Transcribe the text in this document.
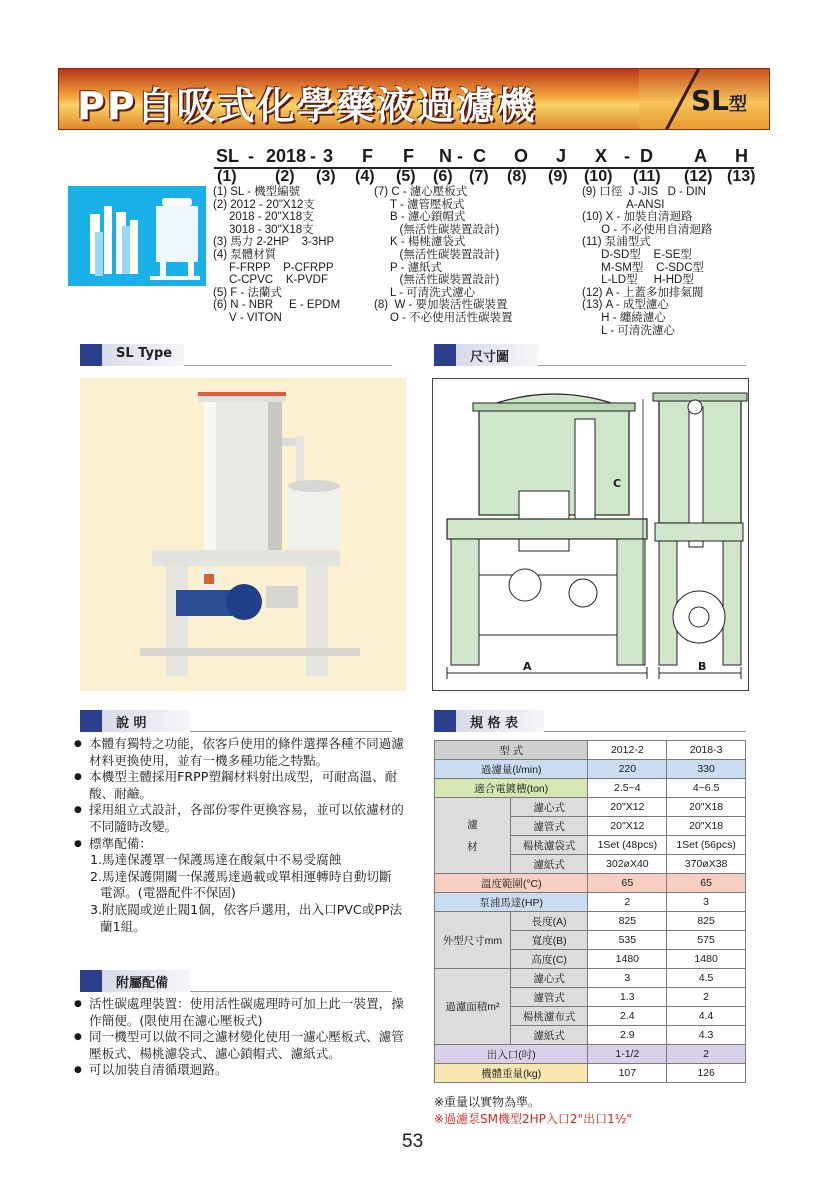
PP自吸式化學藥液過濾機	SL型
SL - 2018 - 3 F F N - C O J X - D A H
(1) (2) (3) (4) (5) (6) (7) (8) (9) (10) (11) (12) (13)
(1) SL - 機型編號
(2) 2012 - 20"X12支
2018 - 20"X18支
3018 - 30"X18支
(3) 馬力 2-2HP    3-3HP
(4) 泵體材質
F-FRPP    P-CFRPP
C-CPVC    K-PVDF
(5) F - 法蘭式
(6) N - NBR     E - EPDM
V - VITON
(7) C - 濾心壓板式
T - 濾管壓板式
B - 濾心鎖帽式
(無活性碳裝置設計)
K - 楊桃濾袋式
(無活性碳裝置設計)
P - 濾紙式
(無活性碳裝置設計)
L - 可清洗式濾心
(8)  W - 要加裝活性碳裝置
O - 不必使用活性碳裝置
(9) 口徑  J -JIS   D - DIN
A-ANSI
(10) X - 加裝自清迴路
O - 不必使用自清迴路
(11) 泵浦型式
D-SD型    E-SE型
M-SM型    C-SDC型
L-LD型     H-HD型
(12) A - 上蓋多加排氣閥
(13) A - 成型濾心
H - 纏繞濾心
L - 可清洗濾心
SL Type	尺寸圖
A	B
C
說 明
● 本體有獨特之功能，依客戶使用的條件選擇各種不同過濾材料更換使用，並有一機多種功能之特點。
● 本機型主體採用FRPP塑鋼材料射出成型，可耐高溫、耐酸、耐鹼。
● 採用組立式設計，各部份零件更換容易，並可以依濾材的不同隨時改變。
● 標準配備：
1.馬達保護罩一保護馬達在酸氣中不易受腐蝕
2.馬達保護開關一保護馬達過載或單相運轉時自動切斷電源。(電器配件不保固)
3.附底閥或逆止閥1個，依客戶選用，出入口PVC或PP法蘭1組。
附屬配備
● 活性碳處理裝置：使用活性碳處理時可加上此一裝置，操作簡便。(限使用在濾心壓板式)
● 同一機型可以做不同之濾材變化使用一濾心壓板式、濾管壓板式、楊桃濾袋式、濾心鎖帽式、濾紙式。
● 可以加裝自清循環迴路。
規 格 表
型 式		2012-2	2018-3
過濾量(l/min)		220	330
適合電鍍槽(ton)		2.5~4	4~6.5
濾
材	濾心式	20"X12	20"X18
	濾管式	20"X12	20"X18
	楊桃濾袋式	1Set (48pcs)	1Set (56pcs)
	濾紙式	302øX40	370øX38
溫度範圍(°C)		65	65
泵浦馬達(HP)		2	3
外型尺寸mm	長度(A)	825	825
	寬度(B)	535	575
	高度(C)	1480	1480
過濾面積m²	濾心式	3	4.5
	濾管式	1.3	2
	楊桃濾布式	2.4	4.4
	濾紙式	2.9	4.3
出入口(吋)		1-1/2	2
機體重量(kg)		107	126
※重量以實物為準。
※過濾泵SM機型2HP入口2"出口1½"
53
